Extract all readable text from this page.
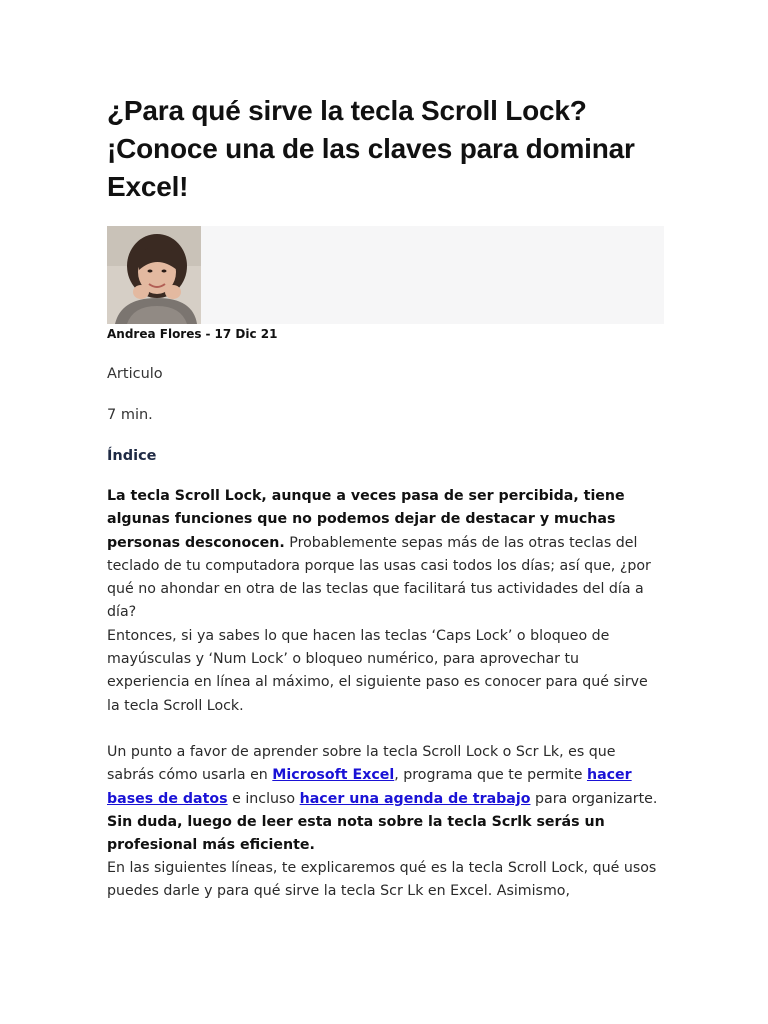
¿Para qué sirve la tecla Scroll Lock? ¡Conoce una de las claves para dominar Excel!
Andrea Flores - 17 Dic 21
Articulo
7 min.
Índice

La tecla Scroll Lock, aunque a veces pasa de ser percibida, tiene algunas funciones que no podemos dejar de destacar y muchas personas desconocen. Probablemente sepas más de las otras teclas del teclado de tu computadora porque las usas casi todos los días; así que, ¿por qué no ahondar en otra de las teclas que facilitará tus actividades del día a día?
Entonces, si ya sabes lo que hacen las teclas ‘Caps Lock’ o bloqueo de mayúsculas y ‘Num Lock’ o bloqueo numérico, para aprovechar tu experiencia en línea al máximo, el siguiente paso es conocer para qué sirve la tecla Scroll Lock.

Un punto a favor de aprender sobre la tecla Scroll Lock o Scr Lk, es que sabrás cómo usarla en Microsoft Excel, programa que te permite hacer bases de datos e incluso hacer una agenda de trabajo para organizarte. Sin duda, luego de leer esta nota sobre la tecla Scrlk serás un profesional más eficiente.

En las siguientes líneas, te explicaremos qué es la tecla Scroll Lock, qué usos puedes darle y para qué sirve la tecla Scr Lk en Excel. Asimismo,
